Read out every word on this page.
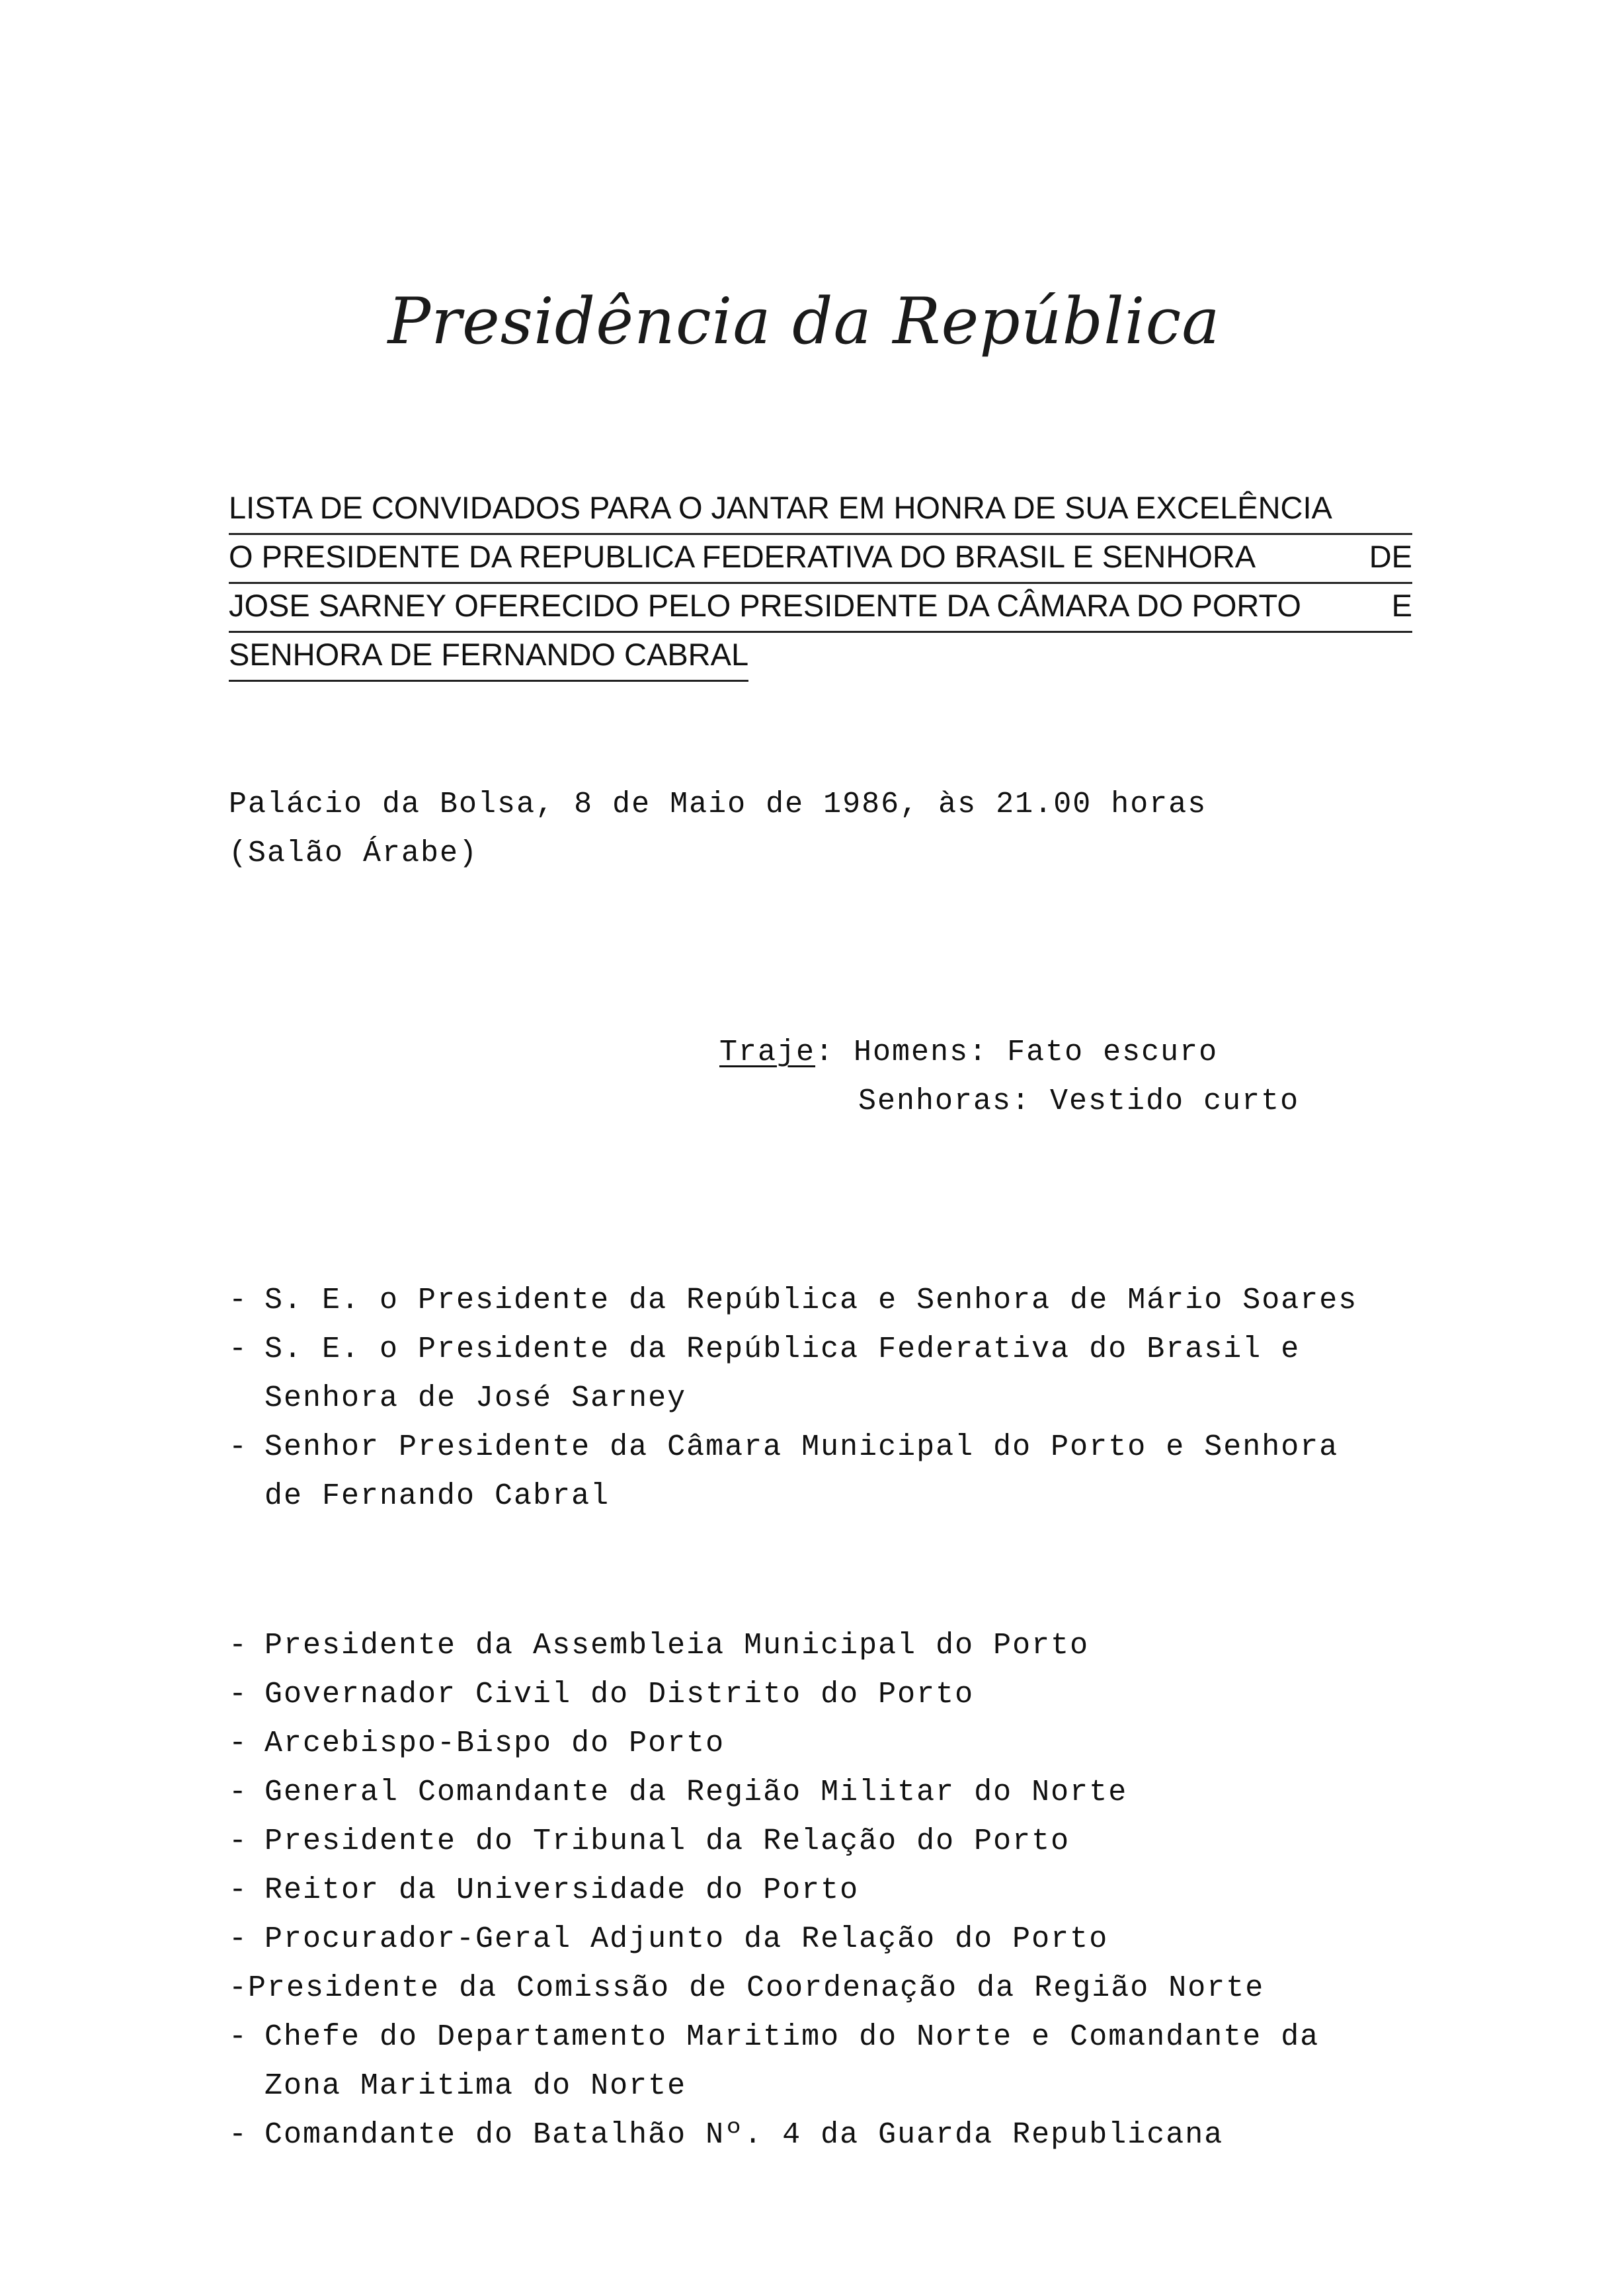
Presidência da República
LISTA DE CONVIDADOS PARA O JANTAR EM HONRA DE SUA EXCELÊNCIA
O PRESIDENTE DA REPUBLICA FEDERATIVA DO BRASIL E SENHORA	DE
JOSE SARNEY OFERECIDO PELO PRESIDENTE DA CÂMARA DO PORTO	E
SENHORA DE FERNANDO CABRAL
Palácio da Bolsa, 8 de Maio de 1986, às 21.00 horas
(Salão Árabe)
Traje: Homens: Fato escuro
Senhoras: Vestido curto
- S. E. o Presidente da República e Senhora de Mário Soares
- S. E. o Presidente da República Federativa do Brasil e
Senhora de José Sarney
- Senhor Presidente da Câmara Municipal do Porto e Senhora
de Fernando Cabral
- Presidente da Assembleia Municipal do Porto
- Governador Civil do Distrito do Porto
- Arcebispo-Bispo do Porto
- General Comandante da Região Militar do Norte
- Presidente do Tribunal da Relação do Porto
- Reitor da Universidade do Porto
- Procurador-Geral Adjunto da Relação do Porto
-Presidente da Comissão de Coordenação da Região Norte
- Chefe do Departamento Maritimo do Norte e Comandante da
Zona Maritima do Norte
- Comandante do Batalhão Nº. 4 da Guarda Republicana
